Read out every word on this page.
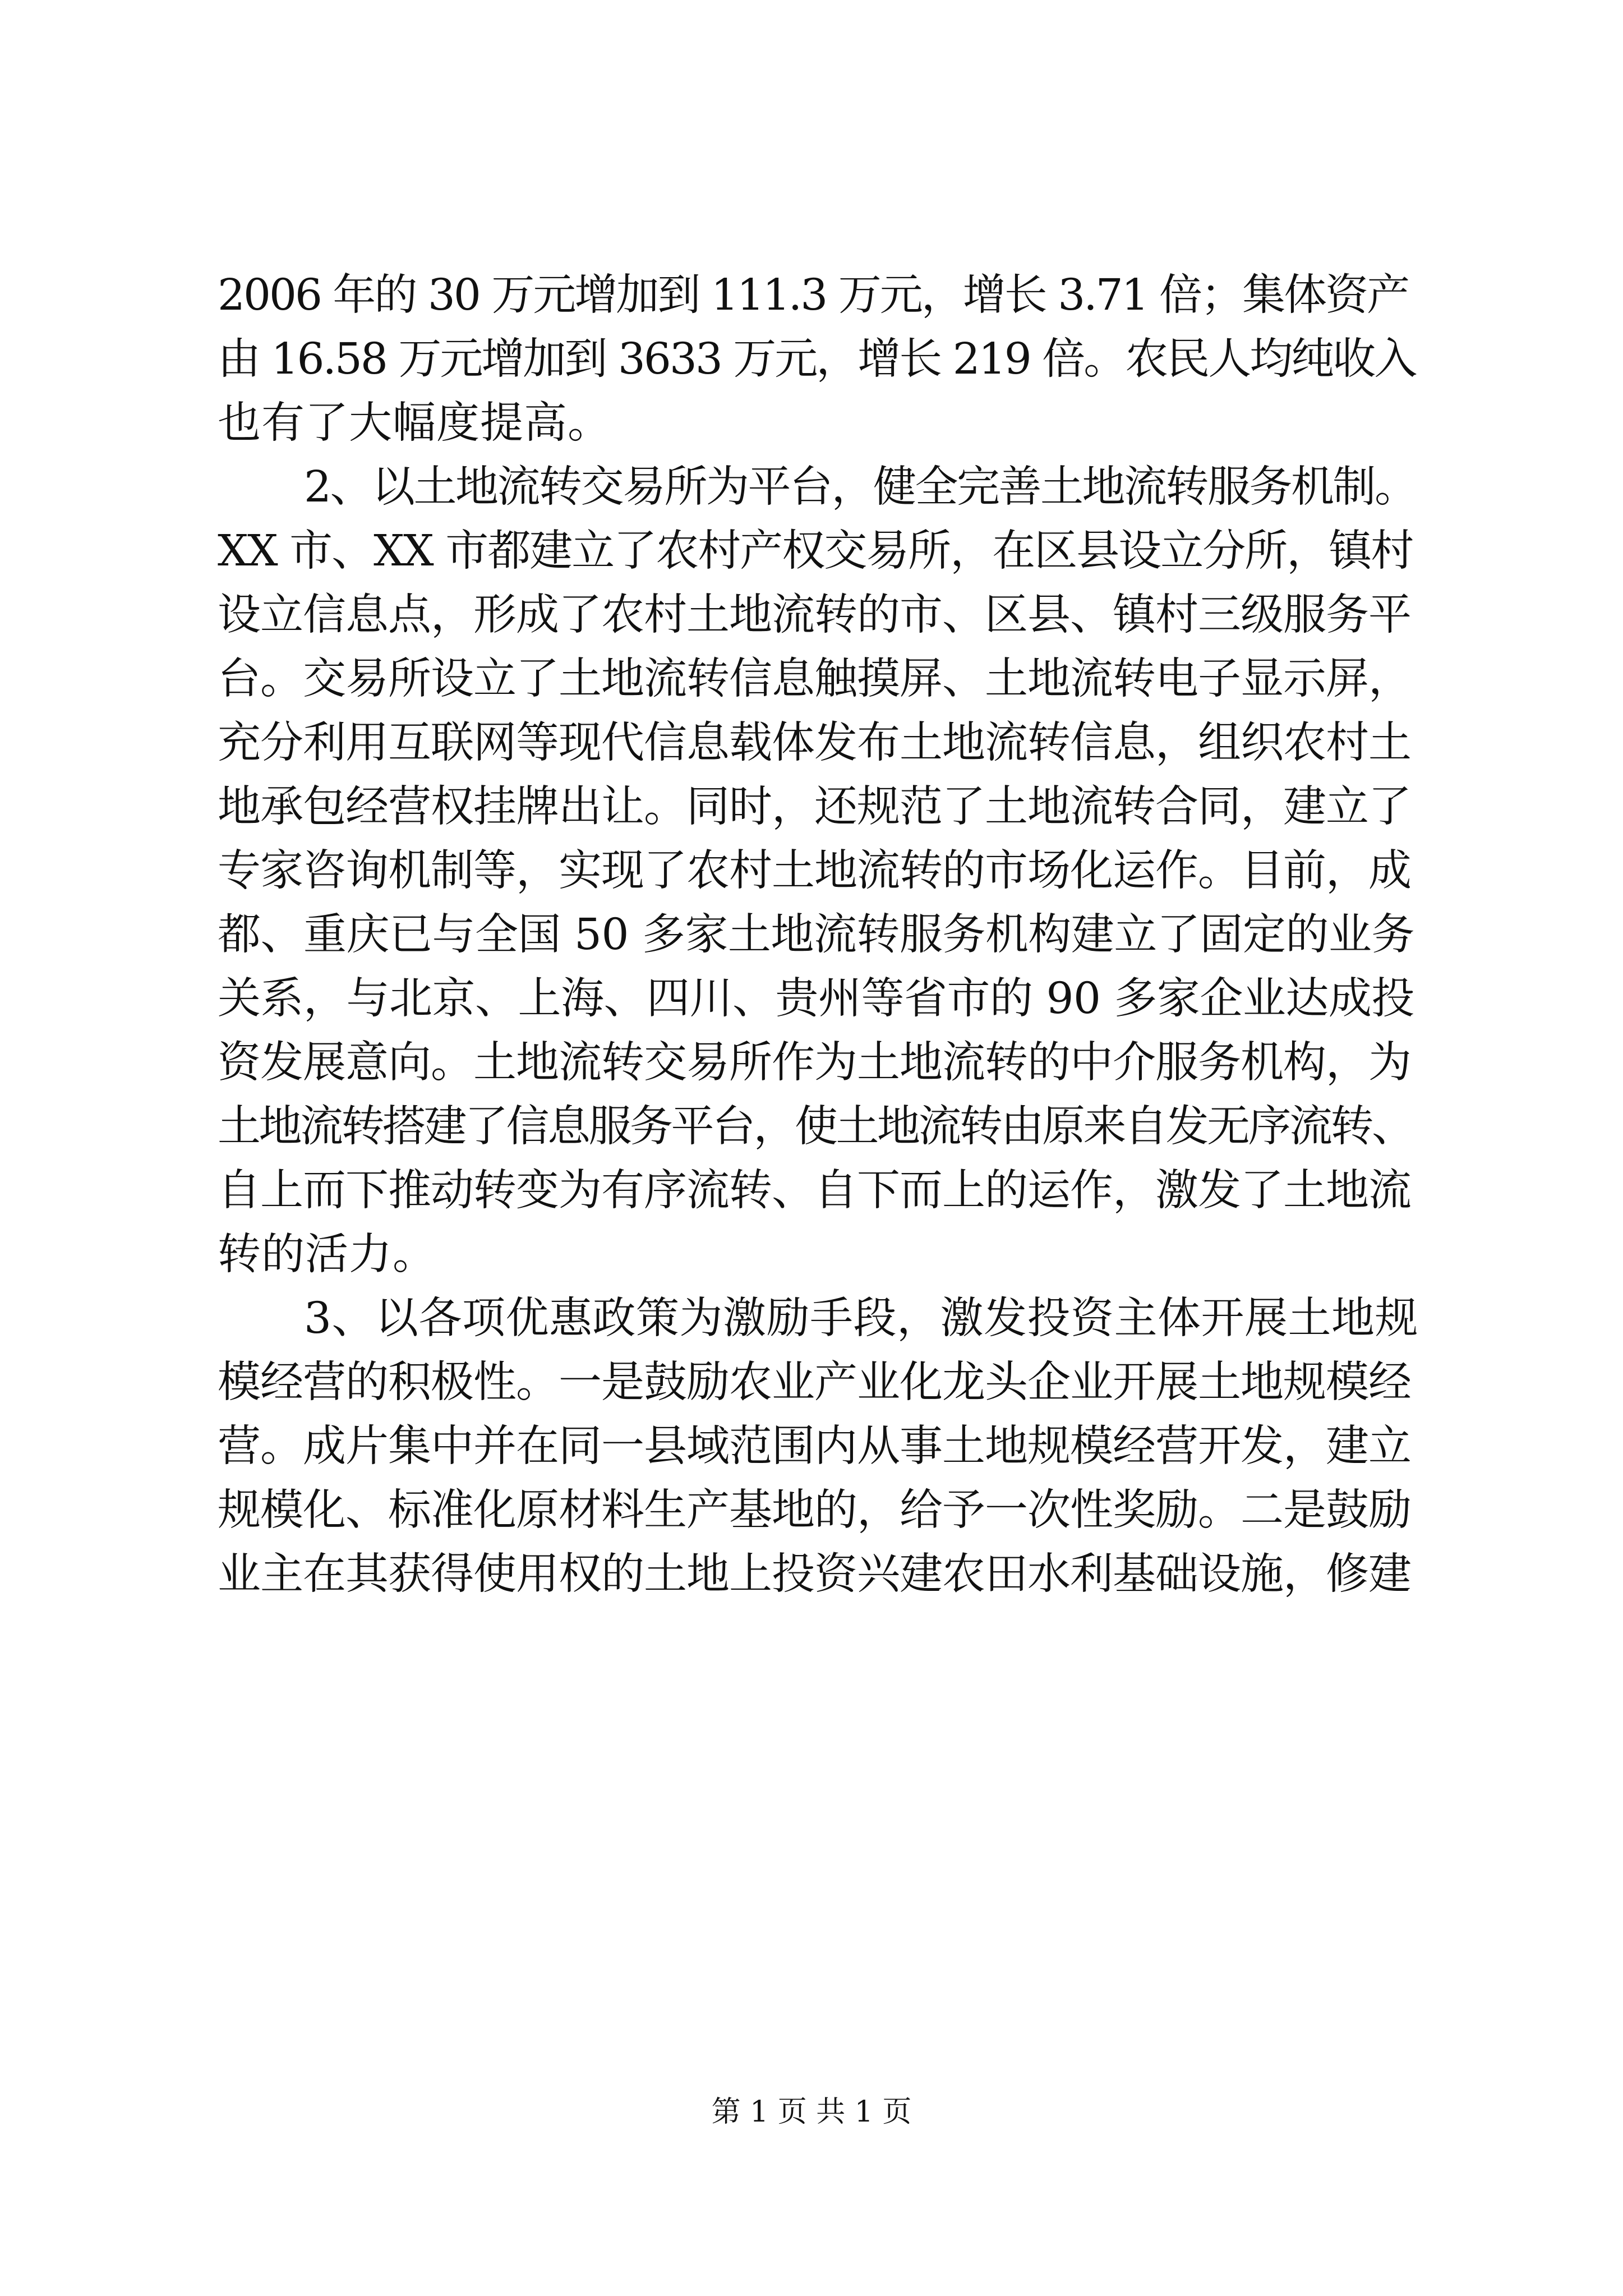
2006 年的 30 万元增加到 111.3 万元，增长 3.71 倍；集体资产
由 16.58 万元增加到 3633 万元，增长 219 倍。农民人均纯收入
也有了大幅度提高。
2、以土地流转交易所为平台，健全完善土地流转服务机制。
XX 市、XX 市都建立了农村产权交易所，在区县设立分所，镇村
设立信息点，形成了农村土地流转的市、区县、镇村三级服务平
台。交易所设立了土地流转信息触摸屏、土地流转电子显示屏，
充分利用互联网等现代信息载体发布土地流转信息，组织农村土
地承包经营权挂牌出让。同时，还规范了土地流转合同，建立了
专家咨询机制等，实现了农村土地流转的市场化运作。目前，成
都、重庆已与全国 50 多家土地流转服务机构建立了固定的业务
关系，与北京、上海、四川、贵州等省市的 90 多家企业达成投
资发展意向。土地流转交易所作为土地流转的中介服务机构，为
土地流转搭建了信息服务平台，使土地流转由原来自发无序流转、
自上而下推动转变为有序流转、自下而上的运作，激发了土地流
转的活力。
3、以各项优惠政策为激励手段，激发投资主体开展土地规
模经营的积极性。一是鼓励农业产业化龙头企业开展土地规模经
营。成片集中并在同一县域范围内从事土地规模经营开发，建立
规模化、标准化原材料生产基地的，给予一次性奖励。二是鼓励
业主在其获得使用权的土地上投资兴建农田水利基础设施，修建
第 1 页 共 1 页
